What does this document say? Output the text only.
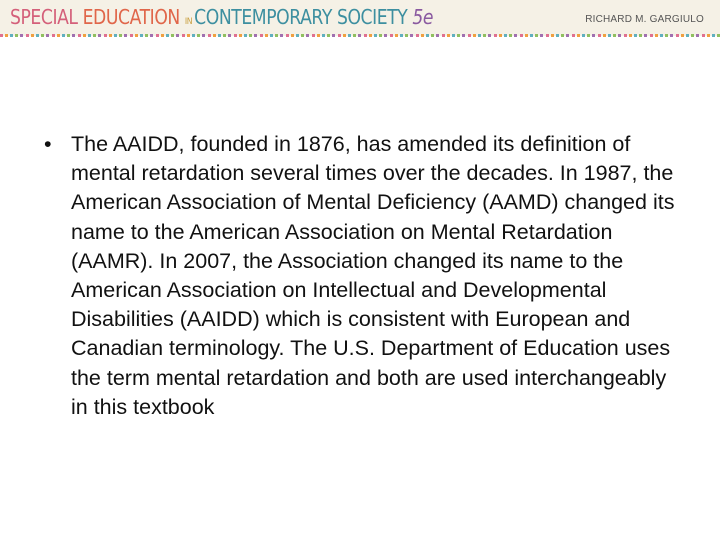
SPECIAL EDUCATION IN CONTEMPORARY SOCIETY 5e	RICHARD M. GARGIULO
• The AAIDD, founded in 1876, has amended its definition of mental retardation several times over the decades. In 1987, the American Association of Mental Deficiency (AAMD) changed its name to the American Association on Mental Retardation (AAMR). In 2007, the Association changed its name to the American Association on Intellectual and Developmental Disabilities (AAIDD) which is consistent with European and Canadian terminology. The U.S. Department of Education uses the term mental retardation and both are used interchangeably in this textbook
